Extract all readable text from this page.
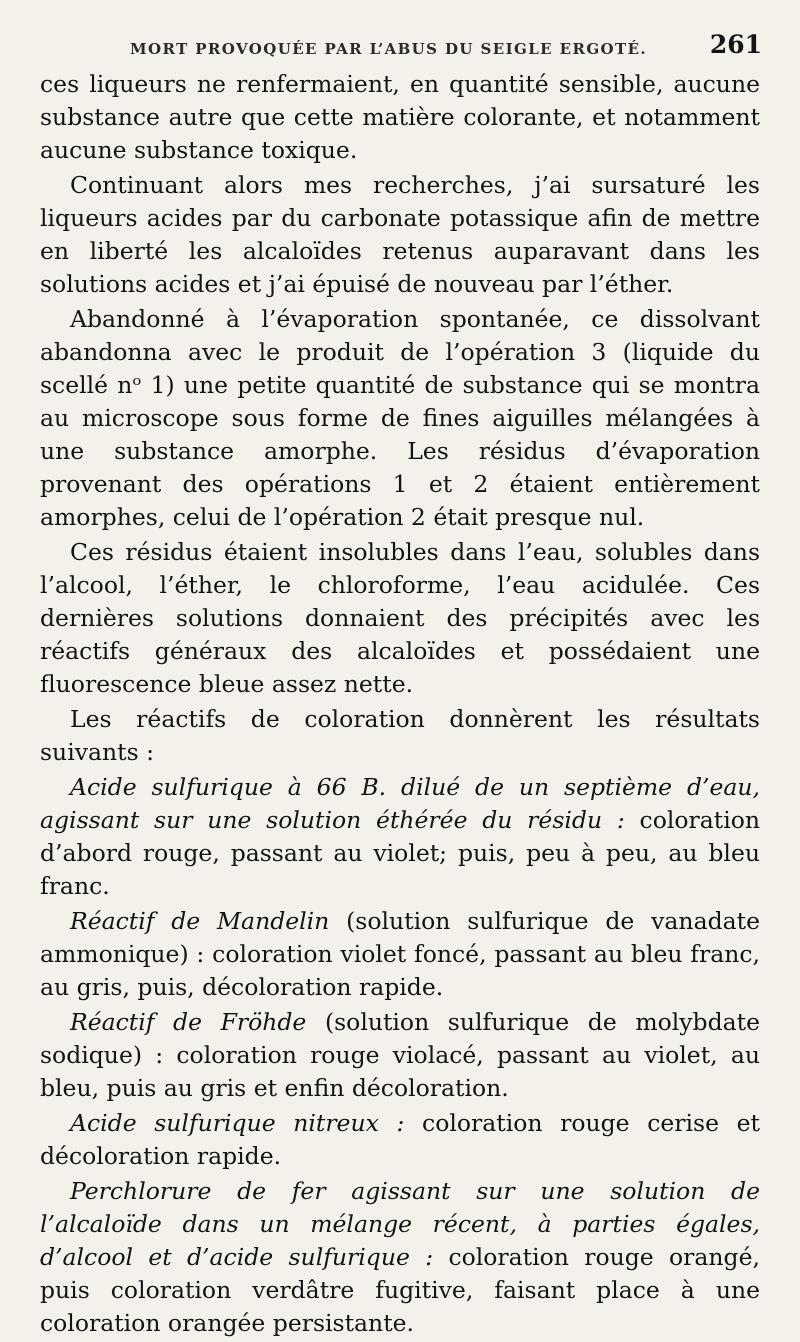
MORT PROVOQUÉE PAR L’ABUS DU SEIGLE ERGOTÉ.	261

ces liqueurs ne renfermaient, en quantité sensible, aucune substance autre que cette matière colorante, et notamment aucune substance toxique.

Continuant alors mes recherches, j’ai sursaturé les liqueurs acides par du carbonate potassique afin de mettre en liberté les alcaloïdes retenus auparavant dans les solutions acides et j’ai épuisé de nouveau par l’éther.

Abandonné à l’évaporation spontanée, ce dissolvant abandonna avec le produit de l’opération 3 (liquide du scellé nᵒ 1) une petite quantité de substance qui se montra au microscope sous forme de fines aiguilles mélangées à une substance amorphe. Les résidus d’évaporation provenant des opérations 1 et 2 étaient entièrement amorphes, celui de l’opération 2 était presque nul.

Ces résidus étaient insolubles dans l’eau, solubles dans l’alcool, l’éther, le chloroforme, l’eau acidulée. Ces dernières solutions donnaient des précipités avec les réactifs généraux des alcaloïdes et possédaient une fluorescence bleue assez nette.

Les réactifs de coloration donnèrent les résultats suivants :

Acide sulfurique à 66 B. dilué de un septième d’eau, agissant sur une solution éthérée du résidu : coloration d’abord rouge, passant au violet; puis, peu à peu, au bleu franc.

Réactif de Mandelin (solution sulfurique de vanadate ammonique) : coloration violet foncé, passant au bleu franc, au gris, puis, décoloration rapide.

Réactif de Fröhde (solution sulfurique de molybdate sodique) : coloration rouge violacé, passant au violet, au bleu, puis au gris et enfin décoloration.

Acide sulfurique nitreux : coloration rouge cerise et décoloration rapide.

Perchlorure de fer agissant sur une solution de l’alcaloïde dans un mélange récent, à parties égales, d’alcool et d’acide sulfurique : coloration rouge orangé, puis coloration verdâtre fugitive, faisant place à une coloration orangée persistante.
